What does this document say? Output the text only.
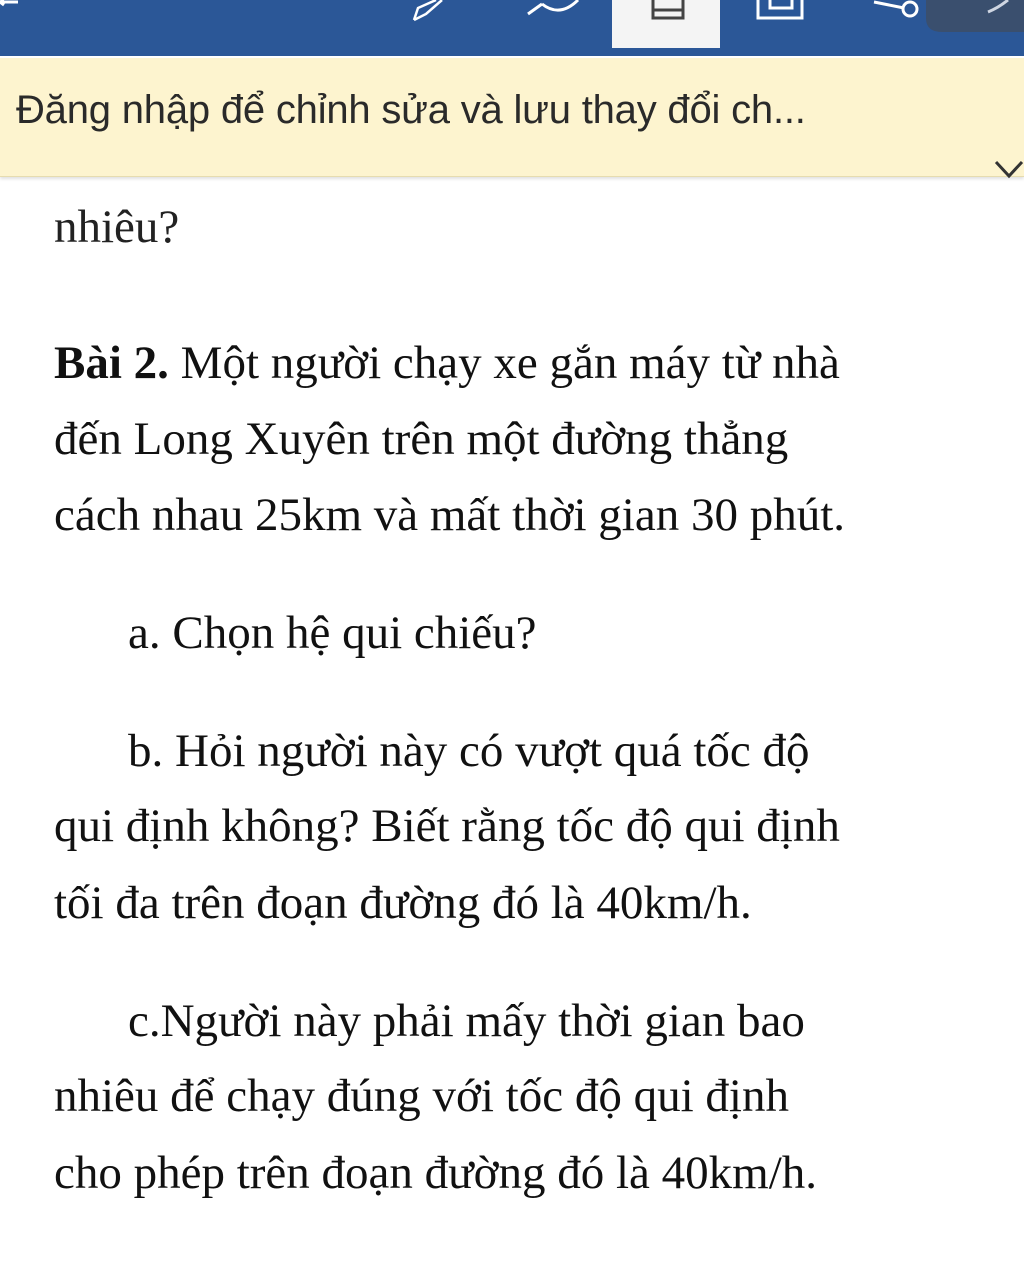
Đăng nhập để chỉnh sửa và lưu thay đổi ch...
nhiêu?
Bài 2. Một người chạy xe gắn máy từ nhà
đến Long Xuyên trên một đường thẳng
cách nhau 25km và mất thời gian 30 phút.
a. Chọn hệ qui chiếu?
b. Hỏi người này có vượt quá tốc độ
qui định không? Biết rằng tốc độ qui định
tối đa trên đoạn đường đó là 40km/h.
c.Người này phải mấy thời gian bao
nhiêu để chạy đúng với tốc độ qui định
cho phép trên đoạn đường đó là 40km/h.
